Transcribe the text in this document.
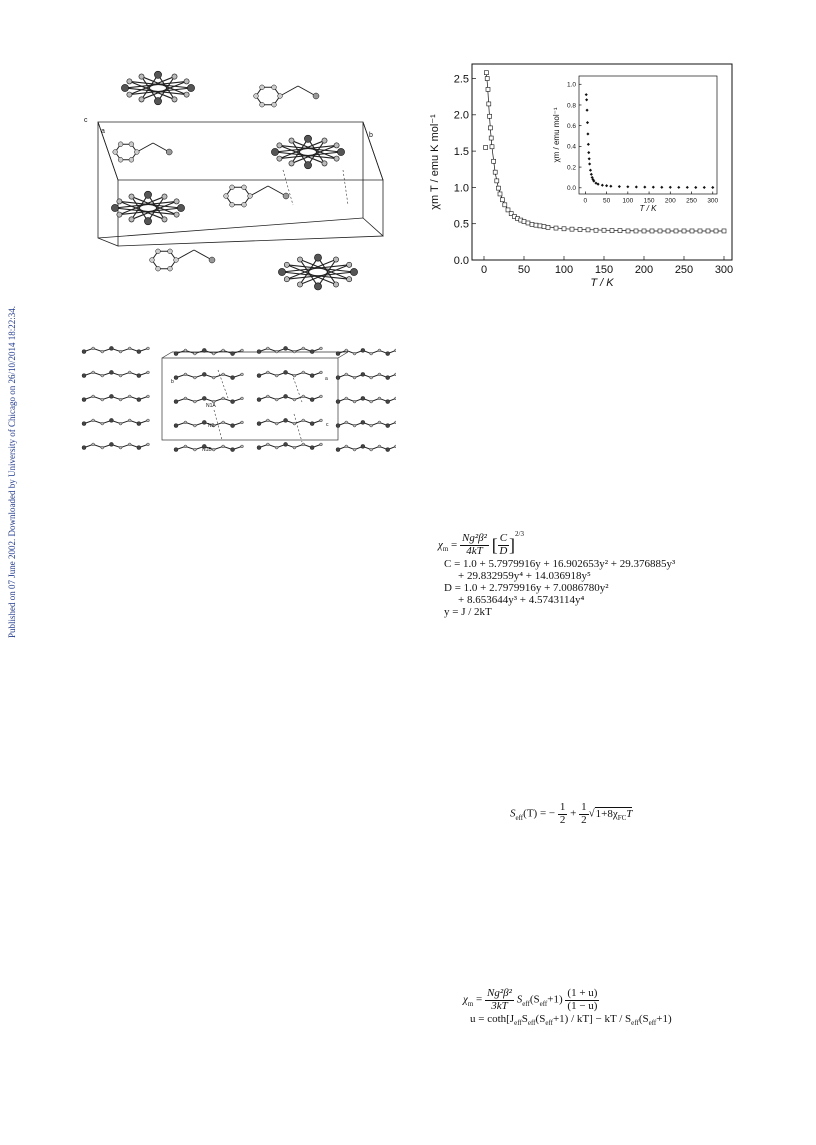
Published on 07 June 2002. Downloaded by University of Chicago on 26/10/2014 18:22:34.
c
a
b
N1A
N1
N1B
b	a
c
0	50 100 150 200 250 300
0.0
0.5
1.0
1.5
2.0
2.5
T / K
χm T / emu K mol⁻¹	0 50 100 150 200 250 300
0.0
0.2
0.4
0.6
0.8
1.0
T / K
χm / emu mol⁻¹
$\chi_m = \frac{\text{Ng²β²}}{4kT}$ [ $\frac{C}{D} ]^{2/3}$
C = 1.0 + 5.7979916y + 16.902653y² + 29.376885y³
+ 29.832959y⁴ + 14.036918y⁵
D = 1.0 + 2.7979916y + 7.0086780y²
+ 8.653644y³ + 4.5743114y⁴
y = J / 2kT
$S_{eff}(T)$ = − $\frac{1}{2} + \frac{1}{2} √1+8\chi_{FC}T$
$\chi_m = \frac{\text{Ng²β²}}{3kT} S_{eff}(S_{eff}+1) \frac{(1 + u)}{(1 - u)}$
$u = \cot h[J_{eff}S_{eff}(S_{eff}+1) / kT]$ − kT / $S_{eff}(S_{eff}+1)$
